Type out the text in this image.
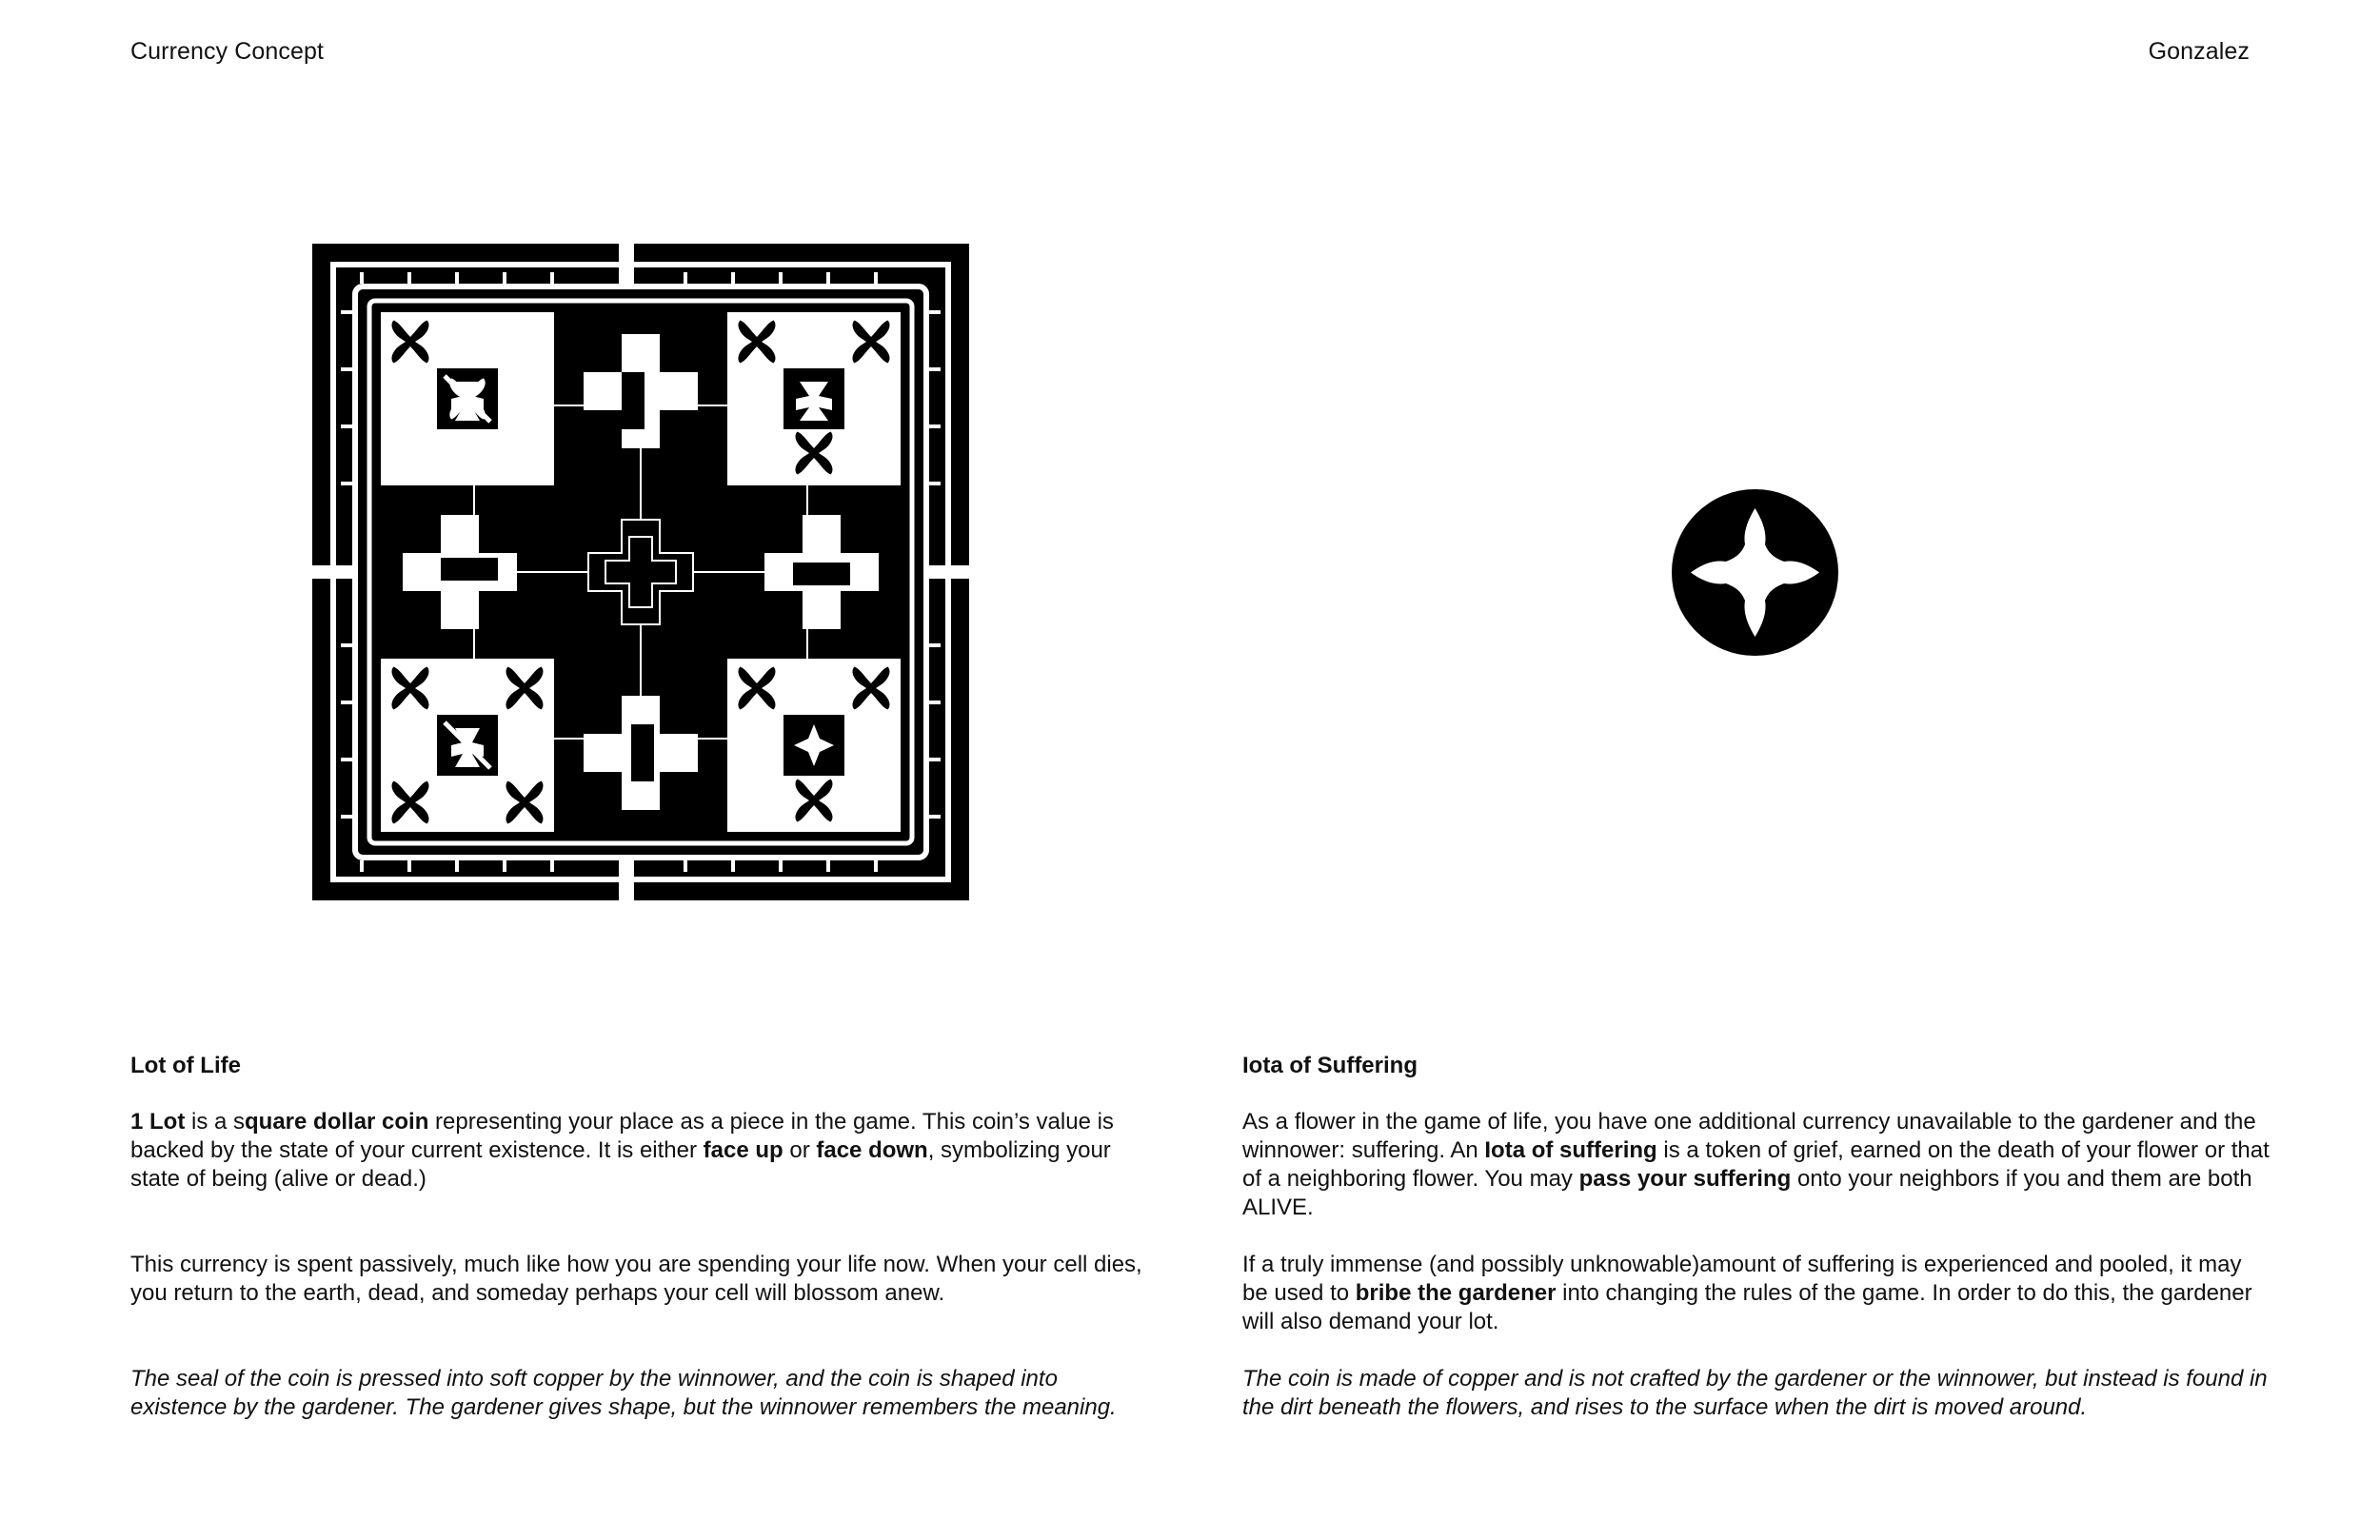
Currency Concept	Gonzalez
Lot of Life

1 Lot is a square dollar coin representing your place as a piece in the game. This coin’s value is backed by the state of your current existence. It is either face up or face down, symbolizing your state of being (alive or dead.)

This currency is spent passively, much like how you are spending your life now. When your cell dies, you return to the earth, dead, and someday perhaps your cell will blossom anew.

The seal of the coin is pressed into soft copper by the winnower, and the coin is shaped into existence by the gardener. The gardener gives shape, but the winnower remembers the meaning.

Iota of Suffering

As a flower in the game of life, you have one additional currency unavailable to the gardener and the winnower: suffering. An Iota of suffering is a token of grief, earned on the death of your flower or that of a neighboring flower. You may pass your suffering onto your neighbors if you and them are both ALIVE.

If a truly immense (and possibly unknowable)amount of suffering is experienced and pooled, it may be used to bribe the gardener into changing the rules of the game. In order to do this, the gardener will also demand your lot.

The coin is made of copper and is not crafted by the gardener or the winnower, but instead is found in the dirt beneath the flowers, and rises to the surface when the dirt is moved around.
